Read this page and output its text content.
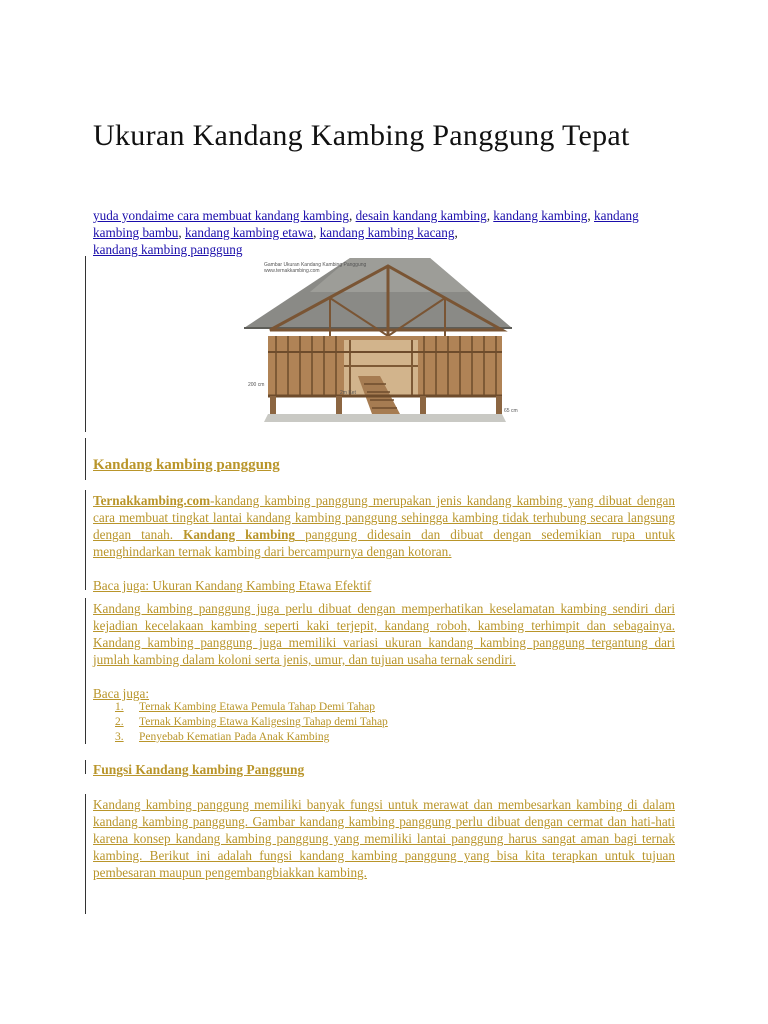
Ukuran Kandang Kambing Panggung Tepat

yuda yondaime cara membuat kandang kambing, desain kandang kambing, kandang kambing, kandang kambing bambu, kandang kambing etawa, kandang kambing kacang,
kandang kambing panggung

Gambar Ukuran Kandang Kambing Panggung
www.ternakkambing.com
200 cm
2m Ket
65 cm

Kandang kambing panggung

Ternakkambing.com-kandang kambing panggung merupakan jenis kandang kambing yang dibuat dengan cara membuat tingkat lantai kandang kambing panggung sehingga kambing tidak terhubung secara langsung dengan tanah. Kandang kambing panggung didesain dan dibuat dengan sedemikian rupa untuk menghindarkan ternak kambing dari bercampurnya dengan kotoran.

Baca juga: Ukuran Kandang Kambing Etawa Efektif

Kandang kambing panggung juga perlu dibuat dengan memperhatikan keselamatan kambing sendiri dari kejadian kecelakaan kambing seperti kaki terjepit, kandang roboh, kambing terhimpit dan sebagainya. Kandang kambing panggung juga memiliki variasi ukuran kandang kambing panggung tergantung dari jumlah kambing dalam koloni serta jenis, umur, dan tujuan usaha ternak sendiri.

Baca juga:

1. Ternak Kambing Etawa Pemula Tahap Demi Tahap
2. Ternak Kambing Etawa Kaligesing Tahap demi Tahap
3. Penyebab Kematian Pada Anak Kambing

Fungsi Kandang kambing Panggung

Kandang kambing panggung memiliki banyak fungsi untuk merawat dan membesarkan kambing di dalam kandang kambing panggung. Gambar kandang kambing panggung perlu dibuat dengan cermat dan hati-hati karena konsep kandang kambing panggung yang memiliki lantai panggung harus sangat aman bagi ternak kambing. Berikut ini adalah fungsi kandang kambing panggung yang bisa kita terapkan untuk tujuan pembesaran maupun pengembangbiakkan kambing.
